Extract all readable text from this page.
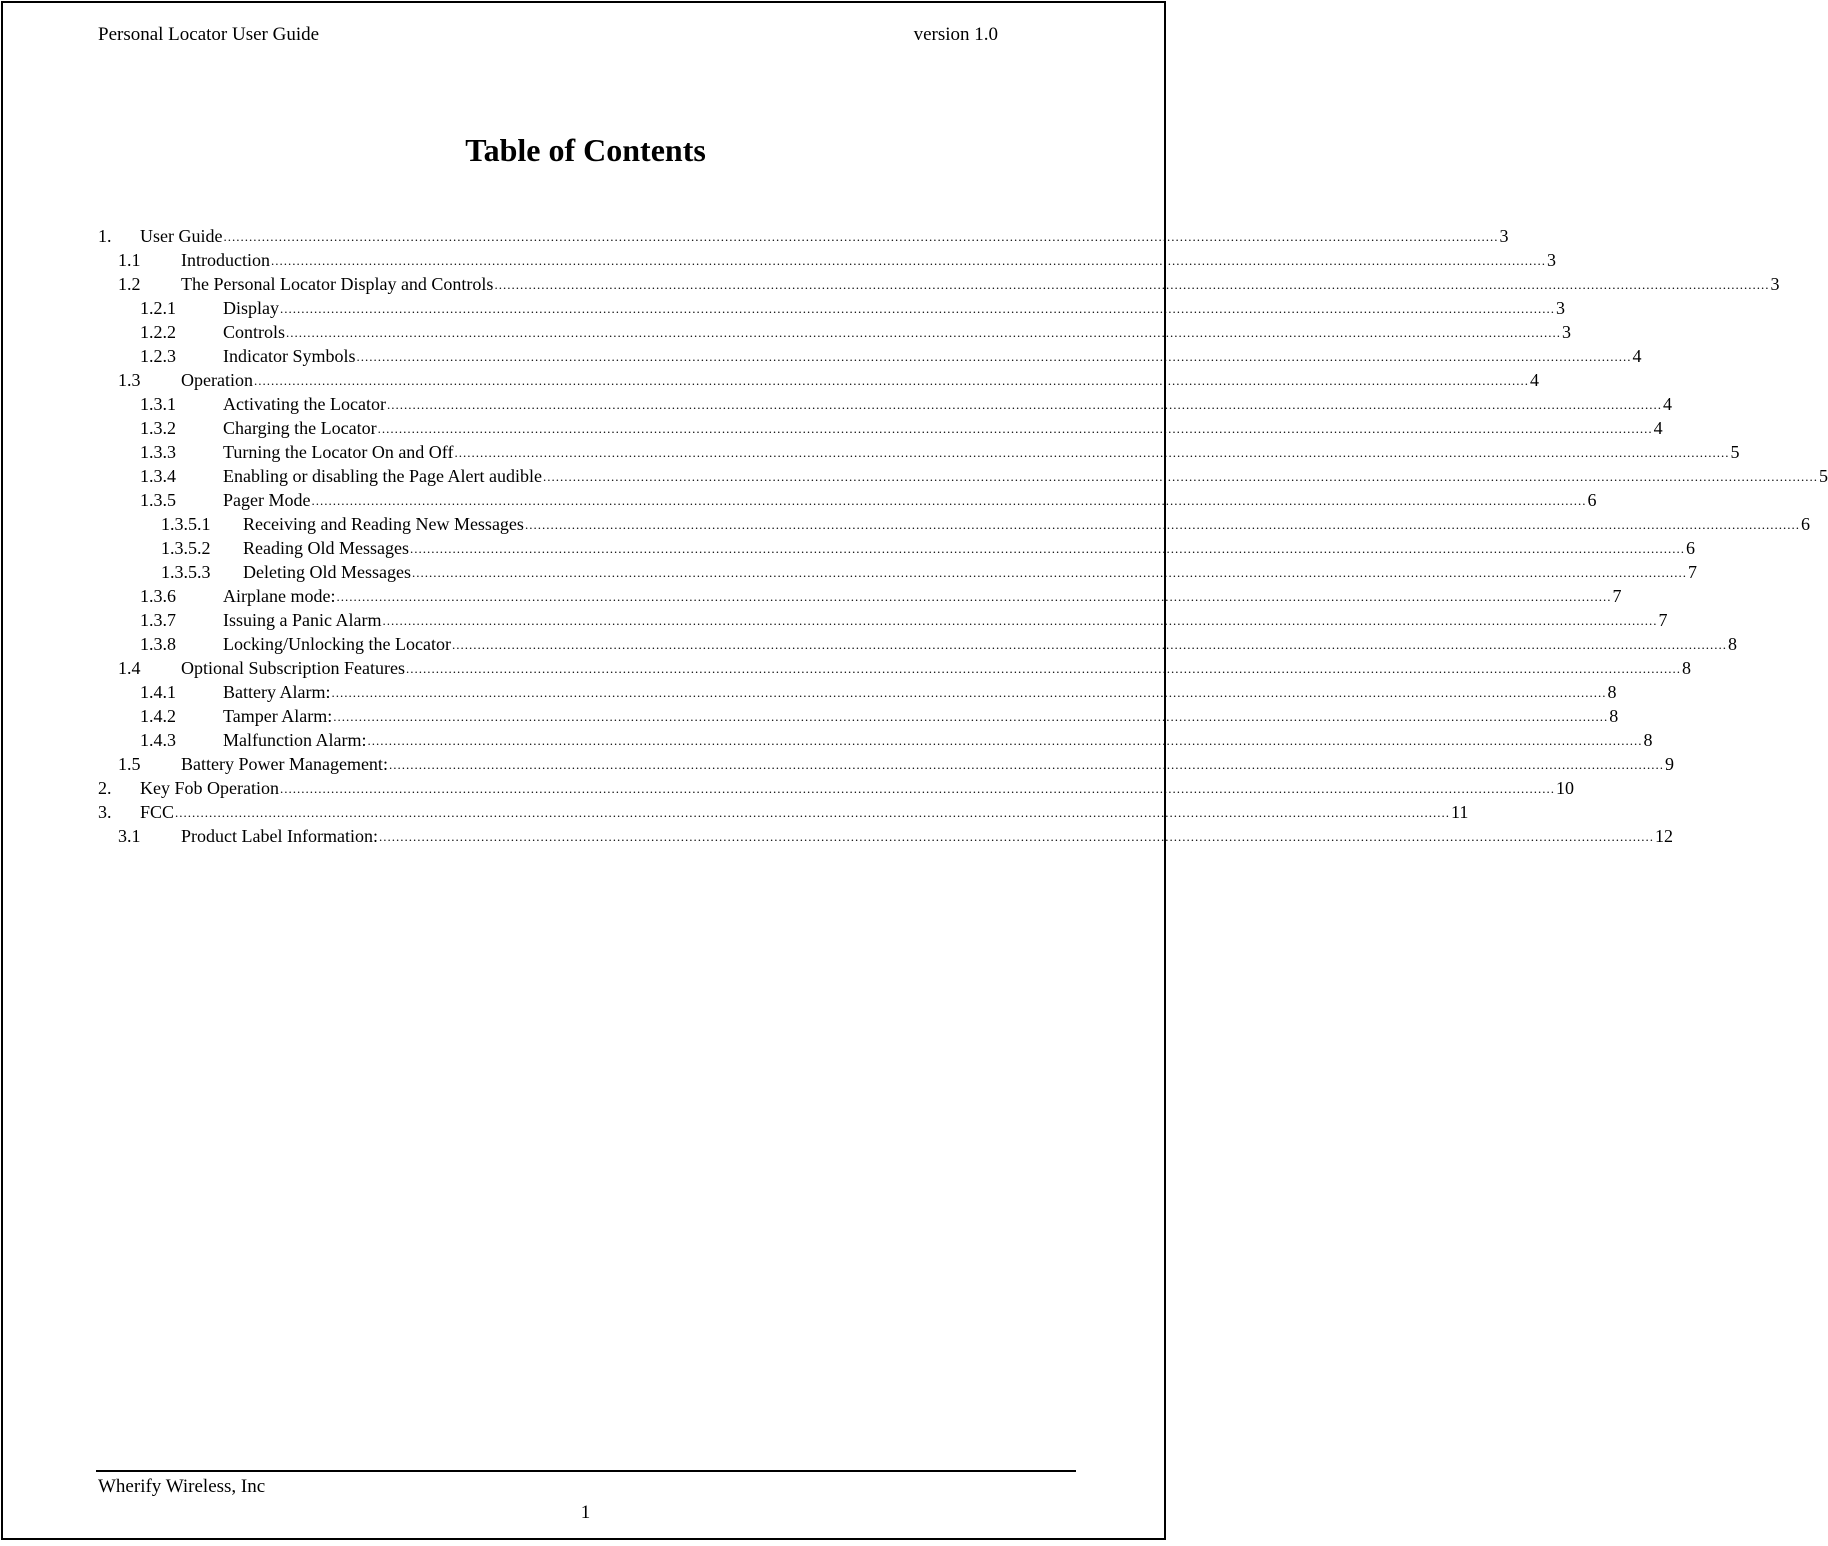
Personal Locator User Guide	version 1.0
Table of Contents
1.	User Guide ............................................................................................................................................................................................................................................................................................................ 3
1.1	Introduction ............................................................................................................................................................................................................................................................................................................ 3
1.2	The Personal Locator Display and Controls ............................................................................................................................................................................................................................................................................................................ 3
1.2.1	Display ............................................................................................................................................................................................................................................................................................................ 3
1.2.2	Controls ............................................................................................................................................................................................................................................................................................................ 3
1.2.3	Indicator Symbols ............................................................................................................................................................................................................................................................................................................ 4
1.3	Operation ............................................................................................................................................................................................................................................................................................................ 4
1.3.1	Activating the Locator ............................................................................................................................................................................................................................................................................................................ 4
1.3.2	Charging the Locator ............................................................................................................................................................................................................................................................................................................ 4
1.3.3	Turning the Locator On and Off ............................................................................................................................................................................................................................................................................................................ 5
1.3.4	Enabling or disabling the Page Alert audible ............................................................................................................................................................................................................................................................................................................ 5
1.3.5	Pager Mode ............................................................................................................................................................................................................................................................................................................ 6
1.3.5.1	Receiving and Reading New Messages ............................................................................................................................................................................................................................................................................................................ 6
1.3.5.2	Reading Old Messages ............................................................................................................................................................................................................................................................................................................ 6
1.3.5.3	Deleting Old Messages ............................................................................................................................................................................................................................................................................................................ 7
1.3.6	Airplane mode: ............................................................................................................................................................................................................................................................................................................ 7
1.3.7	Issuing a Panic Alarm ............................................................................................................................................................................................................................................................................................................ 7
1.3.8	Locking/Unlocking the Locator ............................................................................................................................................................................................................................................................................................................ 8
1.4	Optional Subscription Features ............................................................................................................................................................................................................................................................................................................ 8
1.4.1	Battery Alarm: ............................................................................................................................................................................................................................................................................................................ 8
1.4.2	Tamper Alarm: ............................................................................................................................................................................................................................................................................................................ 8
1.4.3	Malfunction Alarm: ............................................................................................................................................................................................................................................................................................................ 8
1.5	Battery Power Management: ............................................................................................................................................................................................................................................................................................................ 9
2.	Key Fob Operation ............................................................................................................................................................................................................................................................................................................ 10
3.	FCC ............................................................................................................................................................................................................................................................................................................ 11
3.1	Product Label Information: ............................................................................................................................................................................................................................................................................................................ 12
Wherify Wireless, Inc
1
